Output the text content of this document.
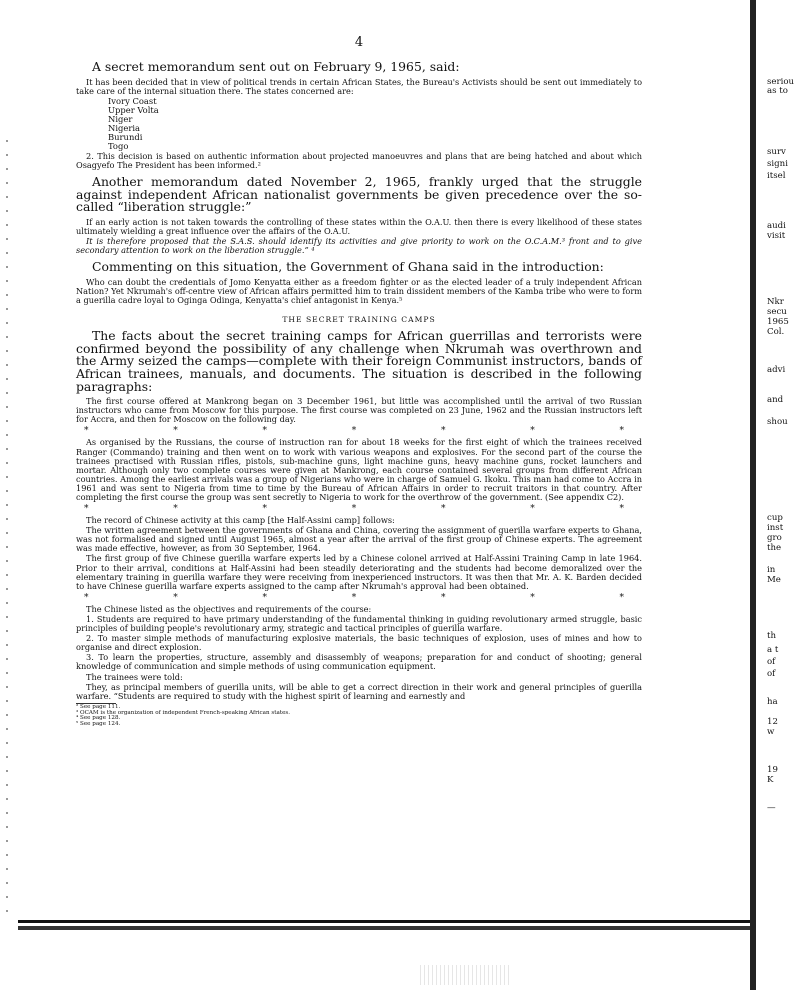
4
A secret memorandum sent out on February 9, 1965, said:
It has been decided that in view of political trends in certain African States, the Bureau's Activists should be sent out immediately to take care of the internal situation there. The states concerned are:
Ivory Coast
Upper Volta
Niger
Nigeria
Burundi
Togo
2. This decision is based on authentic information about projected manoeuvres and plans that are being hatched and about which Osagyefo The President has been informed.²
Another memorandum dated November 2, 1965, frankly urged that the struggle against independent African nationalist governments be given precedence over the so-called “liberation struggle:”
If an early action is not taken towards the controlling of these states within the O.A.U. then there is every likelihood of these states ultimately wielding a great influence over the affairs of the O.A.U.
It is therefore proposed that the S.A.S. should identify its activities and give priority to work on the O.C.A.M.³ front and to give secondary attention to work on the liberation struggle.” ⁴
Commenting on this situation, the Government of Ghana said in the introduction:
Who can doubt the credentials of Jomo Kenyatta either as a freedom fighter or as the elected leader of a truly independent African Nation? Yet Nkrumah's off-centre view of African affairs permitted him to train dissident members of the Kamba tribe who were to form a guerilla cadre loyal to Oginga Odinga, Kenyatta's chief antagonist in Kenya.⁵
THE SECRET TRAINING CAMPS
The facts about the secret training camps for African guerrillas and terrorists were confirmed beyond the possibility of any challenge when Nkrumah was overthrown and the Army seized the camps—complete with their foreign Communist instructors, bands of African trainees, manuals, and documents. The situation is described in the following paragraphs:
The first course offered at Mankrong began on 3 December 1961, but little was accomplished until the arrival of two Russian instructors who came from Moscow for this purpose. The first course was completed on 23 June, 1962 and the Russian instructors left for Accra, and then for Moscow on the following day.
*	*	*	*	*	*	*
As organised by the Russians, the course of instruction ran for about 18 weeks for the first eight of which the trainees received Ranger (Commando) training and then went on to work with various weapons and explosives. For the second part of the course the trainees practised with Russian rifles, pistols, sub-machine guns, light machine guns, heavy machine guns, rocket launchers and mortar. Although only two complete courses were given at Mankrong, each course contained several groups from different African countries. Among the earliest arrivals was a group of Nigerians who were in charge of Samuel G. Ikoku. This man had come to Accra in 1961 and was sent to Nigeria from time to time by the Bureau of African Affairs in order to recruit traitors in that country. After completing the first course the group was sent secretly to Nigeria to work for the overthrow of the government. (See appendix C2).
*	*	*	*	*	*	*
The record of Chinese activity at this camp [the Half-Assini camp] follows:
The written agreement between the governments of Ghana and China, covering the assignment of guerilla warfare experts to Ghana, was not formalised and signed until August 1965, almost a year after the arrival of the first group of Chinese experts. The agreement was made effective, however, as from 30 September, 1964.
The first group of five Chinese guerilla warfare experts led by a Chinese colonel arrived at Half-Assini Training Camp in late 1964. Prior to their arrival, conditions at Half-Assini had been steadily deteriorating and the students had become demoralized over the elementary training in guerilla warfare they were receiving from inexperienced instructors. It was then that Mr. A. K. Barden decided to have Chinese guerilla warfare experts assigned to the camp after Nkrumah's approval had been obtained.
*	*	*	*	*	*	*
The Chinese listed as the objectives and requirements of the course:
1. Students are required to have primary understanding of the fundamental thinking in guiding revolutionary armed struggle, basic principles of building people's revolutionary army, strategic and tactical principles of guerilla warfare.
2. To master simple methods of manufacturing explosive materials, the basic techniques of explosion, uses of mines and how to organise and direct explosion.
3. To learn the properties, structure, assembly and disassembly of weapons; preparation for and conduct of shooting; general knowledge of communication and simple methods of using communication equipment.
The trainees were told:
They, as principal members of guerilla units, will be able to get a correct direction in their work and general principles of guerilla warfare. “Students are required to study with the highest spirit of learning and earnestly and
² See page 111.
³ OCAM is the organization of independent French-speaking African states.
⁴ See page 128.
⁵ See page 124.
seriou
as to
surv
signi
itsel
audi
visit
Nkr
secu
1965
Col.
advi
and
shou
cup
inst
gro
the
in
Me
th
a t
of
of
ha
12
w
19
K
—
